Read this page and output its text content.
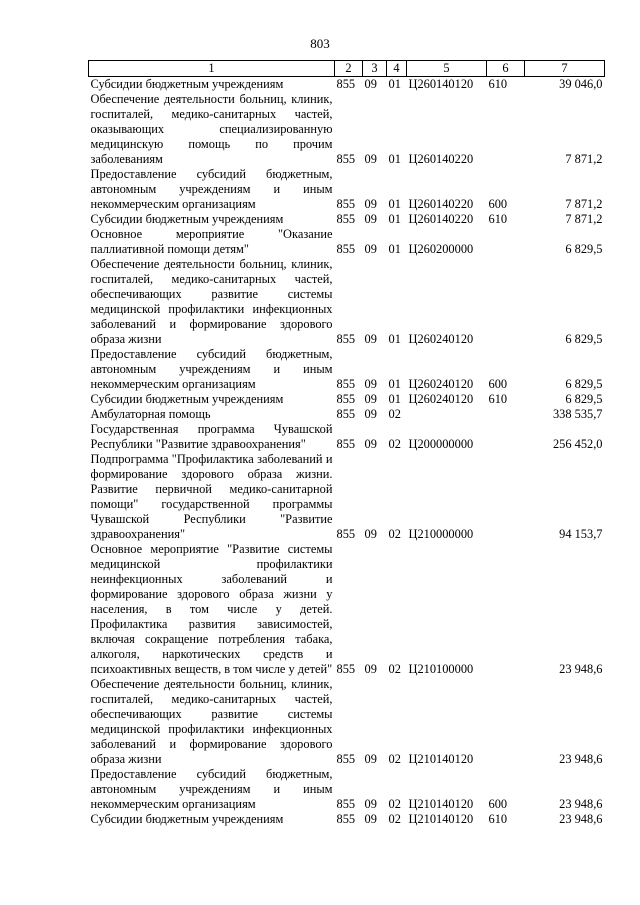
803
1	2	3	4	5	6	7
Субсидии бюджетным учреждениям	855	09	01	Ц260140120	610	39 046,0
Обеспечение деятельности больниц, клиник, госпиталей, медико-санитарных частей, оказывающих специализированную медицинскую помощь по прочим заболеваниям	855	09	01	Ц260140220		7 871,2
Предоставление субсидий бюджетным, автономным учреждениям и иным некоммерческим организациям	855	09	01	Ц260140220	600	7 871,2
Субсидии бюджетным учреждениям	855	09	01	Ц260140220	610	7 871,2
Основное мероприятие "Оказание паллиативной помощи детям"	855	09	01	Ц260200000		6 829,5
Обеспечение деятельности больниц, клиник, госпиталей, медико-санитарных частей, обеспечивающих развитие системы медицинской профилактики инфекционных заболеваний и формирование здорового образа жизни	855	09	01	Ц260240120		6 829,5
Предоставление субсидий бюджетным, автономным учреждениям и иным некоммерческим организациям	855	09	01	Ц260240120	600	6 829,5
Субсидии бюджетным учреждениям	855	09	01	Ц260240120	610	6 829,5
Амбулаторная помощь	855	09	02			338 535,7
Государственная программа Чувашской Республики "Развитие здравоохранения"	855	09	02	Ц200000000		256 452,0
Подпрограмма "Профилактика заболеваний и формирование здорового образа жизни. Развитие первичной медико-санитарной помощи" государственной программы Чувашской Республики "Развитие здравоохранения"	855	09	02	Ц210000000		94 153,7
Основное мероприятие "Развитие системы медицинской профилактики неинфекционных заболеваний и формирование здорового образа жизни у населения, в том числе у детей. Профилактика развития зависимостей, включая сокращение потребления табака, алкоголя, наркотических средств и психоактивных веществ, в том числе у детей"	855	09	02	Ц210100000		23 948,6
Обеспечение деятельности больниц, клиник, госпиталей, медико-санитарных частей, обеспечивающих развитие системы медицинской профилактики инфекционных заболеваний и формирование здорового образа жизни	855	09	02	Ц210140120		23 948,6
Предоставление субсидий бюджетным, автономным учреждениям и иным некоммерческим организациям	855	09	02	Ц210140120	600	23 948,6
Субсидии бюджетным учреждениям	855	09	02	Ц210140120	610	23 948,6
